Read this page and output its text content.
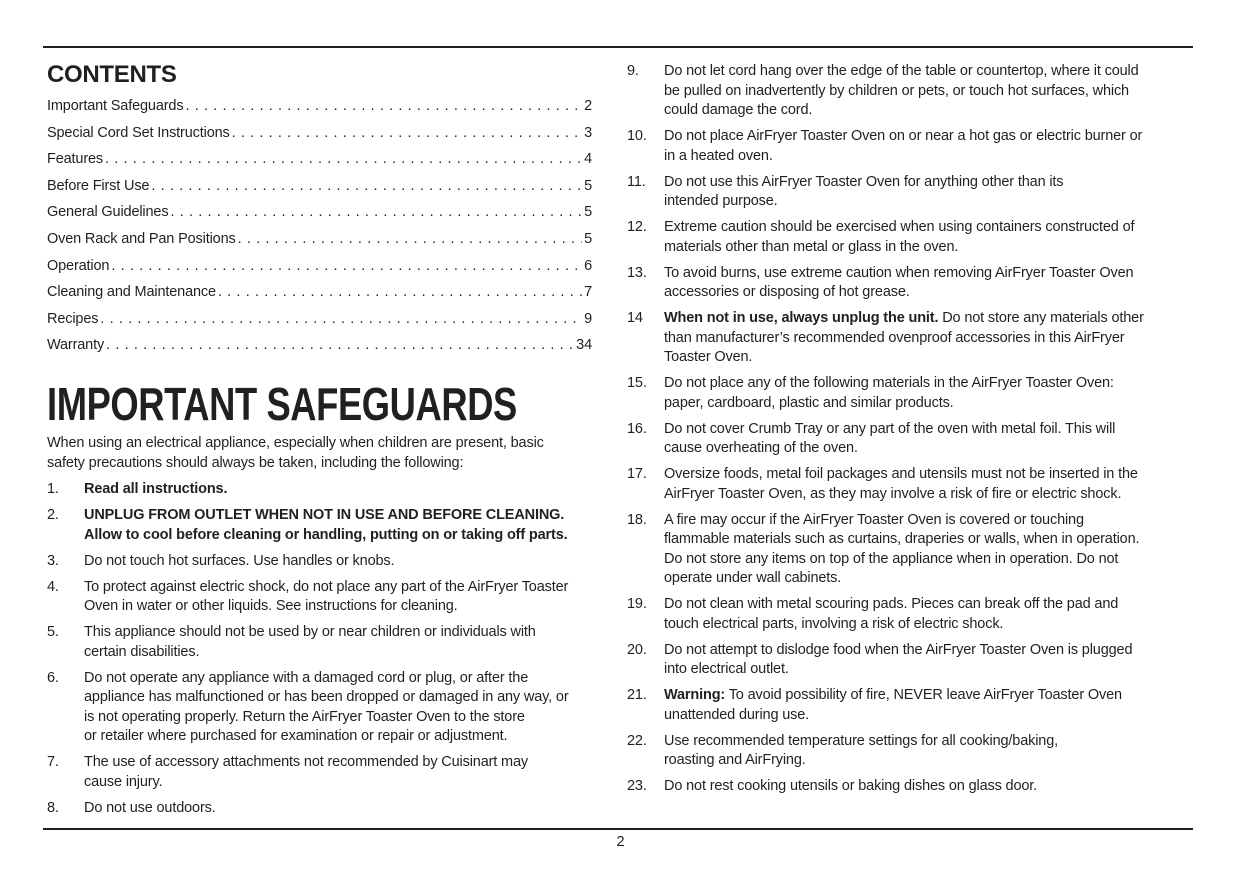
CONTENTS
Important Safeguards . . .	2
Special Cord Set Instructions . . .	3
Features . . .	4
Before First Use . . .	5
General Guidelines . . .	5
Oven Rack and Pan Positions . . .	5
Operation . . .	6
Cleaning and Maintenance . . .	7
Recipes . . .	9
Warranty . . .	34
IMPORTANT SAFEGUARDS
When using an electrical appliance, especially when children are present, basic
safety precautions should always be taken, including the following:
1.	Read all instructions.
2.	UNPLUG FROM OUTLET WHEN NOT IN USE AND BEFORE CLEANING.
Allow to cool before cleaning or handling, putting on or taking off parts.
3.	Do not touch hot surfaces. Use handles or knobs.
4.	To protect against electric shock, do not place any part of the AirFryer Toaster
Oven in water or other liquids. See instructions for cleaning.
5.	This appliance should not be used by or near children or individuals with
certain disabilities.
6.	Do not operate any appliance with a damaged cord or plug, or after the
appliance has malfunctioned or has been dropped or damaged in any way, or
is not operating properly. Return the AirFryer Toaster Oven to the store
or retailer where purchased for examination or repair or adjustment.
7.	The use of accessory attachments not recommended by Cuisinart may
cause injury.
8.	Do not use outdoors.
9.	Do not let cord hang over the edge of the table or countertop, where it could
be pulled on inadvertently by children or pets, or touch hot surfaces, which
could damage the cord.
10.	Do not place AirFryer Toaster Oven on or near a hot gas or electric burner or
in a heated oven.
11.	Do not use this AirFryer Toaster Oven for anything other than its
intended purpose.
12.	Extreme caution should be exercised when using containers constructed of
materials other than metal or glass in the oven.
13.	To avoid burns, use extreme caution when removing AirFryer Toaster Oven
accessories or disposing of hot grease.
14	When not in use, always unplug the unit. Do not store any materials other
than manufacturer’s recommended ovenproof accessories in this AirFryer
Toaster Oven.
15.	Do not place any of the following materials in the AirFryer Toaster Oven:
paper, cardboard, plastic and similar products.
16.	Do not cover Crumb Tray or any part of the oven with metal foil. This will
cause overheating of the oven.
17.	Oversize foods, metal foil packages and utensils must not be inserted in the
AirFryer Toaster Oven, as they may involve a risk of fire or electric shock.
18.	A fire may occur if the AirFryer Toaster Oven is covered or touching
flammable materials such as curtains, draperies or walls, when in operation.
Do not store any items on top of the appliance when in operation. Do not
operate under wall cabinets.
19.	Do not clean with metal scouring pads. Pieces can break off the pad and
touch electrical parts, involving a risk of electric shock.
20.	Do not attempt to dislodge food when the AirFryer Toaster Oven is plugged
into electrical outlet.
21.	Warning: To avoid possibility of fire, NEVER leave AirFryer Toaster Oven
unattended during use.
22.	Use recommended temperature settings for all cooking/baking,
roasting and AirFrying.
23.	Do not rest cooking utensils or baking dishes on glass door.
2
